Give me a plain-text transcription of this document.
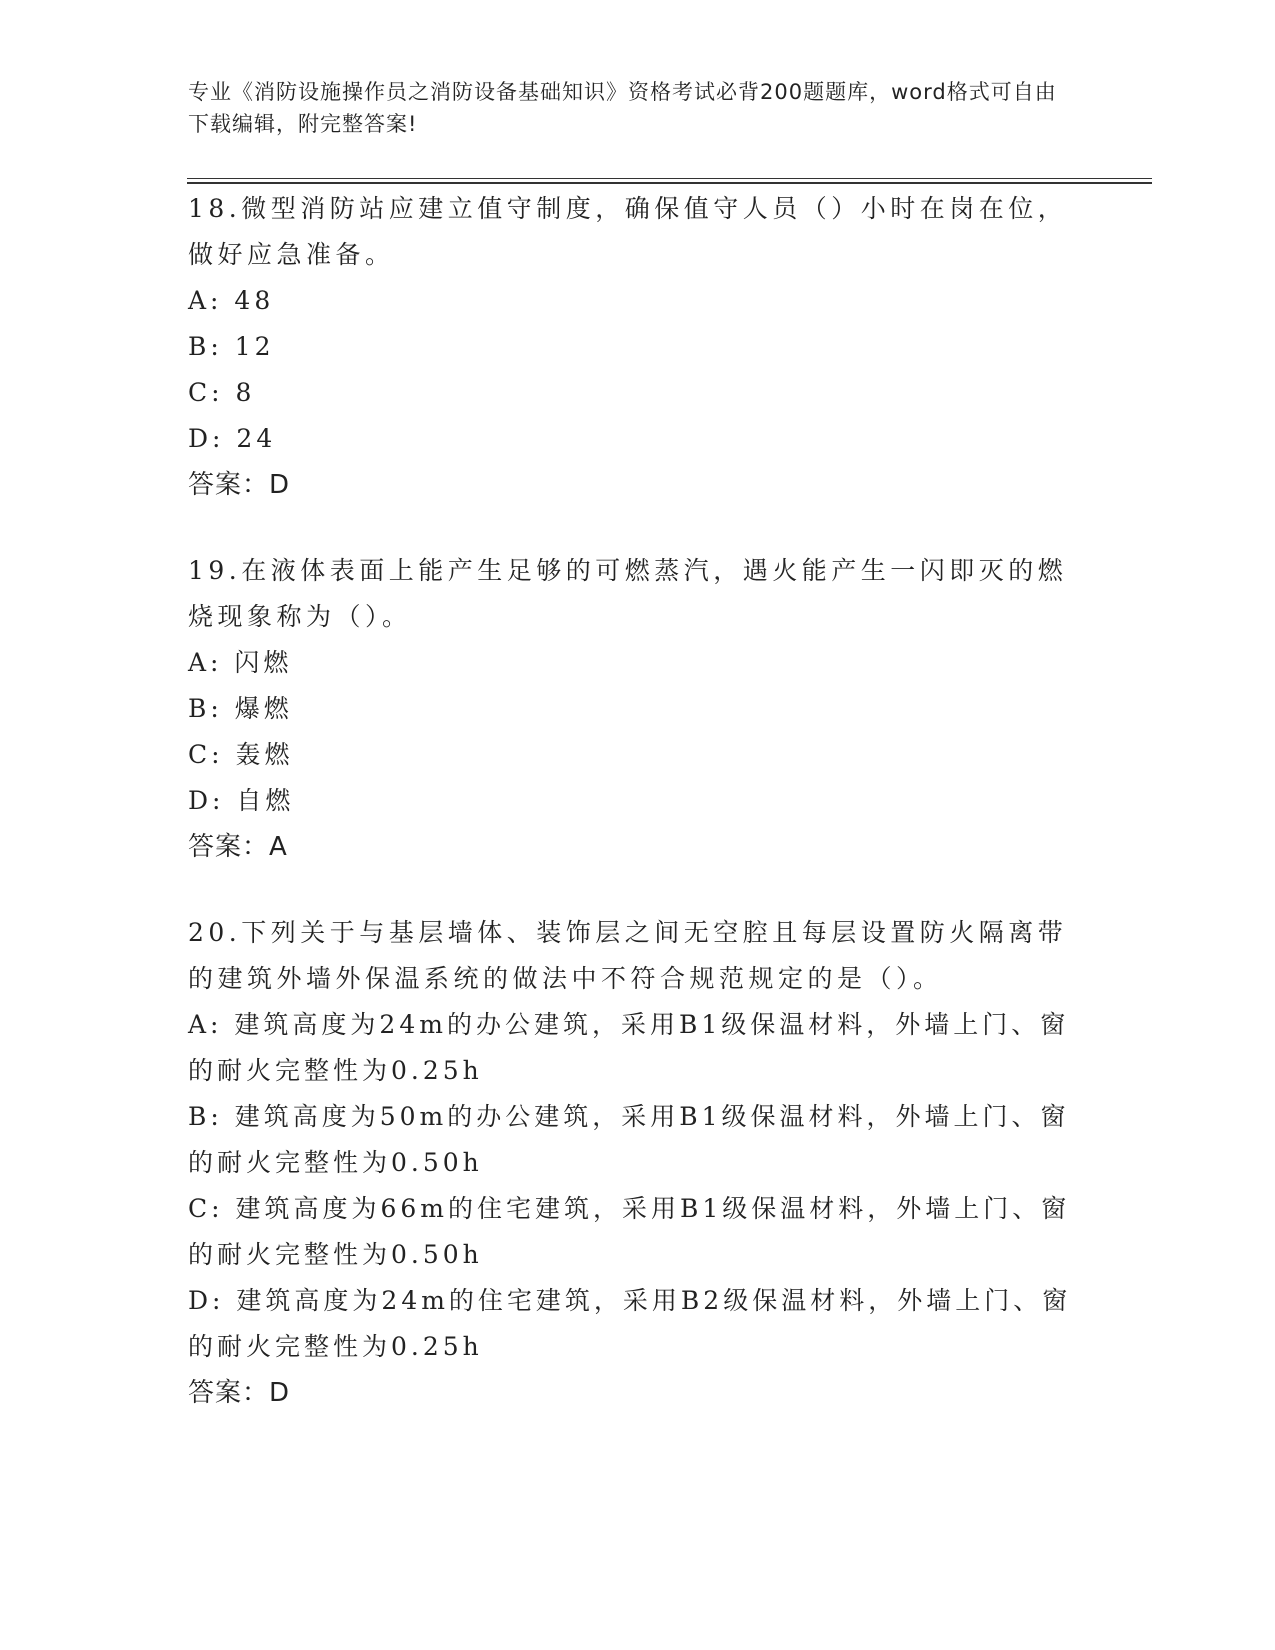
专业《消防设施操作员之消防设备基础知识》资格考试必背200题题库，word格式可自由下载编辑，附完整答案!
18.微型消防站应建立值守制度，确保值守人员（）小时在岗在位，做好应急准备。
A: 48
B: 12
C: 8
D: 24
答案：D
19.在液体表面上能产生足够的可燃蒸汽，遇火能产生一闪即灭的燃烧现象称为（）。
A: 闪燃
B: 爆燃
C: 轰燃
D: 自燃
答案：A
20.下列关于与基层墙体、装饰层之间无空腔且每层设置防火隔离带的建筑外墙外保温系统的做法中不符合规范规定的是（）。
A: 建筑高度为24m的办公建筑，采用B1级保温材料，外墙上门、窗的耐火完整性为0.25h
B: 建筑高度为50m的办公建筑，采用B1级保温材料，外墙上门、窗的耐火完整性为0.50h
C: 建筑高度为66m的住宅建筑，采用B1级保温材料，外墙上门、窗的耐火完整性为0.50h
D: 建筑高度为24m的住宅建筑，采用B2级保温材料，外墙上门、窗的耐火完整性为0.25h
答案：D
